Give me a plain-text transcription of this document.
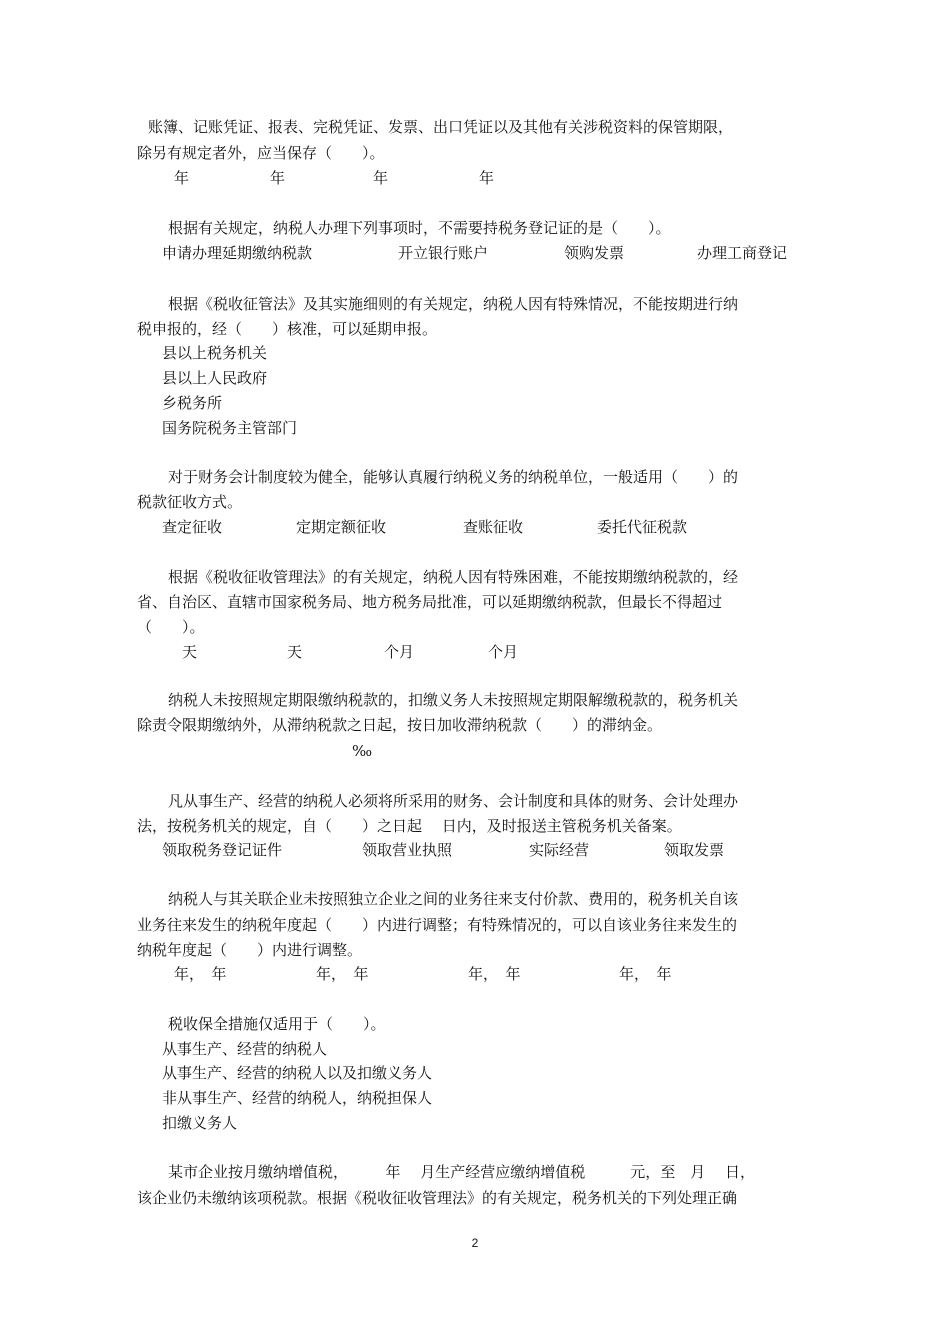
账簿、记账凭证、报表、完税凭证、发票、出口凭证以及其他有关涉税资料的保管期限，
除另有规定者外，应当保存（　　）。
年	年	年	年
根据有关规定，纳税人办理下列事项时，不需要持税务登记证的是（　　）。
申请办理延期缴纳税款	开立银行账户	领购发票	办理工商登记
根据《税收征管法》及其实施细则的有关规定，纳税人因有特殊情况，不能按期进行纳
税申报的，经（　　）核准，可以延期申报。
县以上税务机关
县以上人民政府
乡税务所
国务院税务主管部门
对于财务会计制度较为健全，能够认真履行纳税义务的纳税单位，一般适用（　　）的
税款征收方式。
查定征收	定期定额征收	查账征收	委托代征税款
根据《税收征收管理法》的有关规定，纳税人因有特殊困难，不能按期缴纳税款的，经
省、自治区、直辖市国家税务局、地方税务局批准，可以延期缴纳税款，但最长不得超过
（　　）。
天	天	个月	个月
纳税人未按照规定期限缴纳税款的，扣缴义务人未按照规定期限解缴税款的，税务机关
除责令限期缴纳外，从滞纳税款之日起，按日加收滞纳税款（　　）的滞纳金。
‰
凡从事生产、经营的纳税人必须将所采用的财务、会计制度和具体的财务、会计处理办
法，按税务机关的规定，自（　　）之日起　 日内，及时报送主管税务机关备案。
领取税务登记证件	领取营业执照	实际经营	领取发票
纳税人与其关联企业未按照独立企业之间的业务往来支付价款、费用的，税务机关自该
业务往来发生的纳税年度起（　　）内进行调整；有特殊情况的，可以自该业务往来发生的
纳税年度起（　　）内进行调整。
年，　年	年，　年	年，　年	年，　年
税收保全措施仅适用于（　　）。
从事生产、经营的纳税人
从事生产、经营的纳税人以及扣缴义务人
非从事生产、经营的纳税人，纳税担保人
扣缴义务人
某市企业按月缴纳增值税，　　　年　 月生产经营应缴纳增值税　　　元，至　月　 日，
该企业仍未缴纳该项税款。根据《税收征收管理法》的有关规定，税务机关的下列处理正确
2
